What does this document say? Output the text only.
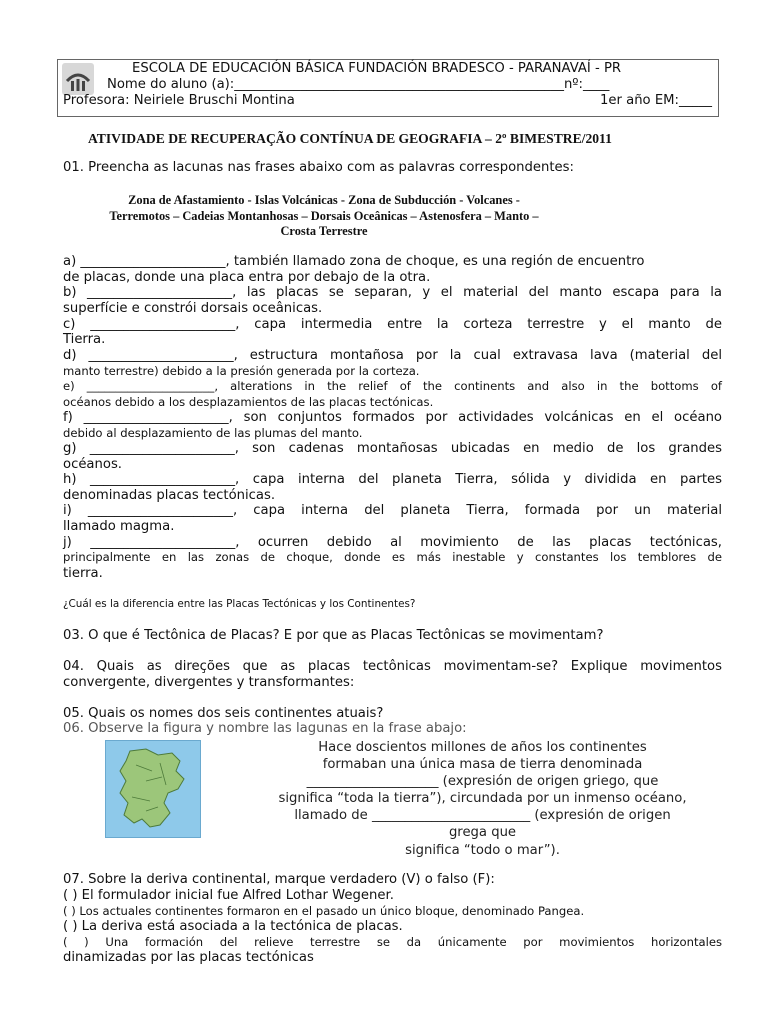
ESCOLA DE EDUCACIÓN BÁSICA FUNDACIÓN BRADESCO - PARANAVAÍ - PR
Nome do aluno (a):__________________________________________________nº:____
Profesora: Neiriele Bruschi Montina	1er año EM:_____
ATIVIDADE DE RECUPERAÇÃO CONTÍNUA DE GEOGRAFIA – 2º BIMESTRE/2011
01. Preencha as lacunas nas frases abaixo com as palavras correspondentes:
Zona de Afastamiento - Islas Volcánicas - Zona de Subducción - Volcanes -
Terremotos – Cadeias Montanhosas – Dorsais Oceânicas – Astenosfera – Manto –
Crosta Terrestre
a) ______________________, también llamado zona de choque, es una región de encuentro
de placas, donde una placa entra por debajo de la otra.
b) ______________________, las placas se separan, y el material del manto escapa para la
superfície e constrói dorsais oceânicas.
c) ______________________, capa intermedia entre la corteza terrestre y el manto de
Tierra.
d) ______________________, estructura montañosa por la cual extravasa lava (material del
manto terrestre) debido a la presión generada por la corteza.
e) ______________________, alterations in the relief of the continents and also in the bottoms of
océanos debido a los desplazamientos de las placas tectónicas.
f) ______________________, son conjuntos formados por actividades volcánicas en el océano
debido al desplazamiento de las plumas del manto.
g) ______________________, son cadenas montañosas ubicadas en medio de los grandes
océanos.
h) ______________________, capa interna del planeta Tierra, sólida y dividida en partes
denominadas placas tectónicas.
i) ______________________, capa interna del planeta Tierra, formada por un material
llamado magma.
j) ______________________, ocurren debido al movimiento de las placas tectónicas,
principalmente en las zonas de choque, donde es más inestable y constantes los temblores de
tierra.
¿Cuál es la diferencia entre las Placas Tectónicas y los Continentes?
03. O que é Tectônica de Placas? E por que as Placas Tectônicas se movimentam?
04. Quais as direções que as placas tectônicas movimentam-se? Explique movimentos
convergente, divergentes y transformantes:
05. Quais os nomes dos seis continentes atuais?
06. Observe la figura y nombre las lagunas en la frase abajo:
Hace doscientos millones de años los continentes
formaban una única masa de tierra denominada
____________________ (expresión de origen griego, que
significa “toda la tierra”), circundada por un inmenso océano,
llamado de ________________________ (expresión de origen
grega que
significa “todo o mar”).
07. Sobre la deriva continental, marque verdadero (V) o falso (F):
( ) El formulador inicial fue Alfred Lothar Wegener.
( ) Los actuales continentes formaron en el pasado un único bloque, denominado Pangea.
( ) La deriva está asociada a la tectónica de placas.
( ) Una formación del relieve terrestre se da únicamente por movimientos horizontales
dinamizadas por las placas tectónicas
